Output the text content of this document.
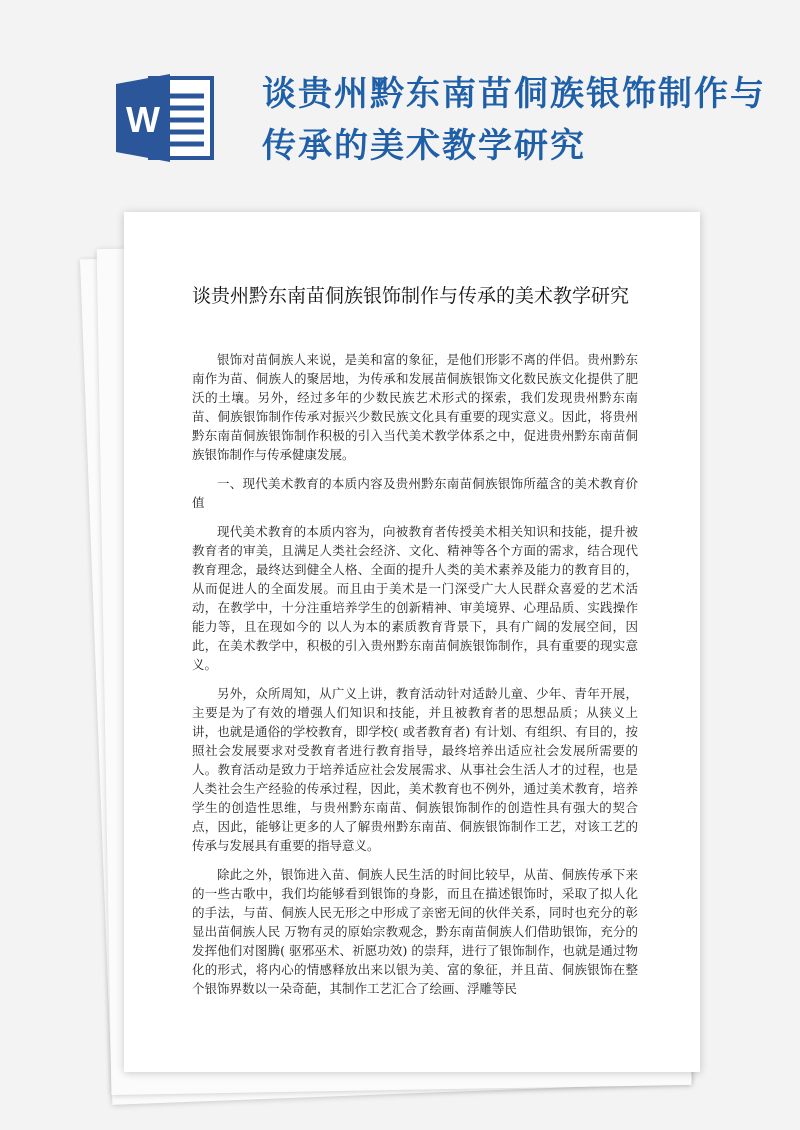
W
谈贵州黔东南苗侗族银饰制作与传承的美术教学研究
谈贵州黔东南苗侗族银饰制作与传承的美术教学研究

银饰对苗侗族人来说，是美和富的象征，是他们形影不离的伴侣。贵州黔东南作为苗、侗族人的聚居地，为传承和发展苗侗族银饰文化数民族文化提供了肥沃的土壤。另外，经过多年的少数民族艺术形式的探索，我们发现贵州黔东南苗、侗族银饰制作传承对振兴少数民族文化具有重要的现实意义。因此，将贵州黔东南苗侗族银饰制作积极的引入当代美术教学体系之中，促进贵州黔东南苗侗族银饰制作与传承健康发展。

一、现代美术教育的本质内容及贵州黔东南苗侗族银饰所蕴含的美术教育价值

现代美术教育的本质内容为，向被教育者传授美术相关知识和技能，提升被教育者的审美，且满足人类社会经济、文化、精神等各个方面的需求，结合现代教育理念，最终达到健全人格、全面的提升人类的美术素养及能力的教育目的，从而促进人的全面发展。而且由于美术是一门深受广大人民群众喜爱的艺术活动，在教学中，十分注重培养学生的创新精神、审美境界、心理品质、实践操作能力等，且在现如今的 以人为本的素质教育背景下，具有广阔的发展空间，因此，在美术教学中，积极的引入贵州黔东南苗侗族银饰制作，具有重要的现实意义。

另外，众所周知，从广义上讲，教育活动针对适龄儿童、少年、青年开展，主要是为了有效的增强人们知识和技能，并且被教育者的思想品质；从狭义上讲，也就是通俗的学校教育，即学校( 或者教育者) 有计划、有组织、有目的，按照社会发展要求对受教育者进行教育指导，最终培养出适应社会发展所需要的人。教育活动是致力于培养适应社会发展需求、从事社会生活人才的过程，也是人类社会生产经验的传承过程，因此，美术教育也不例外，通过美术教育，培养学生的创造性思维，与贵州黔东南苗、侗族银饰制作的创造性具有强大的契合点，因此，能够让更多的人了解贵州黔东南苗、侗族银饰制作工艺，对该工艺的传承与发展具有重要的指导意义。

除此之外，银饰进入苗、侗族人民生活的时间比较早，从苗、侗族传承下来的一些古歌中，我们均能够看到银饰的身影，而且在描述银饰时，采取了拟人化的手法，与苗、侗族人民无形之中形成了亲密无间的伙伴关系，同时也充分的彰显出苗侗族人民 万物有灵的原始宗教观念，黔东南苗侗族人们借助银饰，充分的发挥他们对图腾( 驱邪巫术、祈愿功效) 的崇拜，进行了银饰制作，也就是通过物化的形式，将内心的情感释放出来以银为美、富的象征，并且苗、侗族银饰在整个银饰界数以一朵奇葩，其制作工艺汇合了绘画、浮雕等民
